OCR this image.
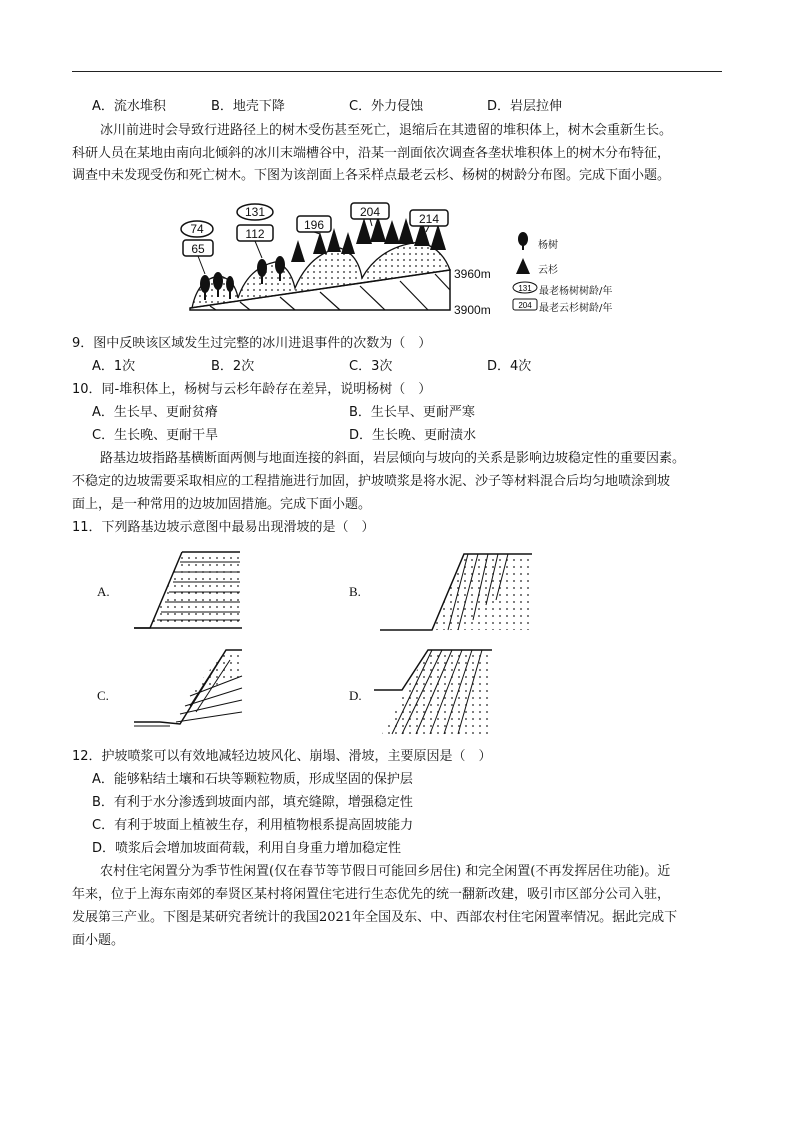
A．流水堆积	B．地壳下降	C．外力侵蚀	D．岩层拉伸
冰川前进时会导致行进路径上的树木受伤甚至死亡，退缩后在其遗留的堆积体上，树木会重新生长。
科研人员在某地由南向北倾斜的冰川末端槽谷中，沿某一剖面依次调查各垄状堆积体上的树木分布特征，
调查中未发现受伤和死亡树木。下图为该剖面上各采样点最老云杉、杨树的树龄分布图。完成下面小题。
65
74	112
131
196
204	214
3960m
3900m
杨树
云杉
131 最老杨树树龄/年
204 最老云杉树龄/年
9．图中反映该区域发生过完整的冰川进退事件的次数为（　）
A．1次	B．2次	C．3次	D．4次
10．同-堆积体上，杨树与云杉年龄存在差异，说明杨树（　）
A．生长早、更耐贫瘠	B．生长早、更耐严寒
C．生长晚、更耐干旱	D．生长晚、更耐渍水
路基边坡指路基横断面两侧与地面连接的斜面，岩层倾向与坡向的关系是影响边坡稳定性的重要因素。
不稳定的边坡需要采取相应的工程措施进行加固，护坡喷浆是将水泥、沙子等材料混合后均匀地喷涂到坡
面上，是一种常用的边坡加固措施。完成下面小题。
11．下列路基边坡示意图中最易出现滑坡的是（　）
A.	B.
C.	D.
12．护坡喷浆可以有效地减轻边坡风化、崩塌、滑坡，主要原因是（　）
A．能够粘结土壤和石块等颗粒物质，形成坚固的保护层
B．有利于水分渗透到坡面内部，填充缝隙，增强稳定性
C．有利于坡面上植被生存，利用植物根系提高固坡能力
D．喷浆后会增加坡面荷载，利用自身重力增加稳定性
农村住宅闲置分为季节性闲置(仅在春节等节假日可能回乡居住) 和完全闲置(不再发挥居住功能)。近
年来，位于上海东南郊的奉贤区某村将闲置住宅进行生态优先的统一翻新改建，吸引市区部分公司入驻，
发展第三产业。下图是某研究者统计的我国2021年全国及东、中、西部农村住宅闲置率情况。据此完成下
面小题。
